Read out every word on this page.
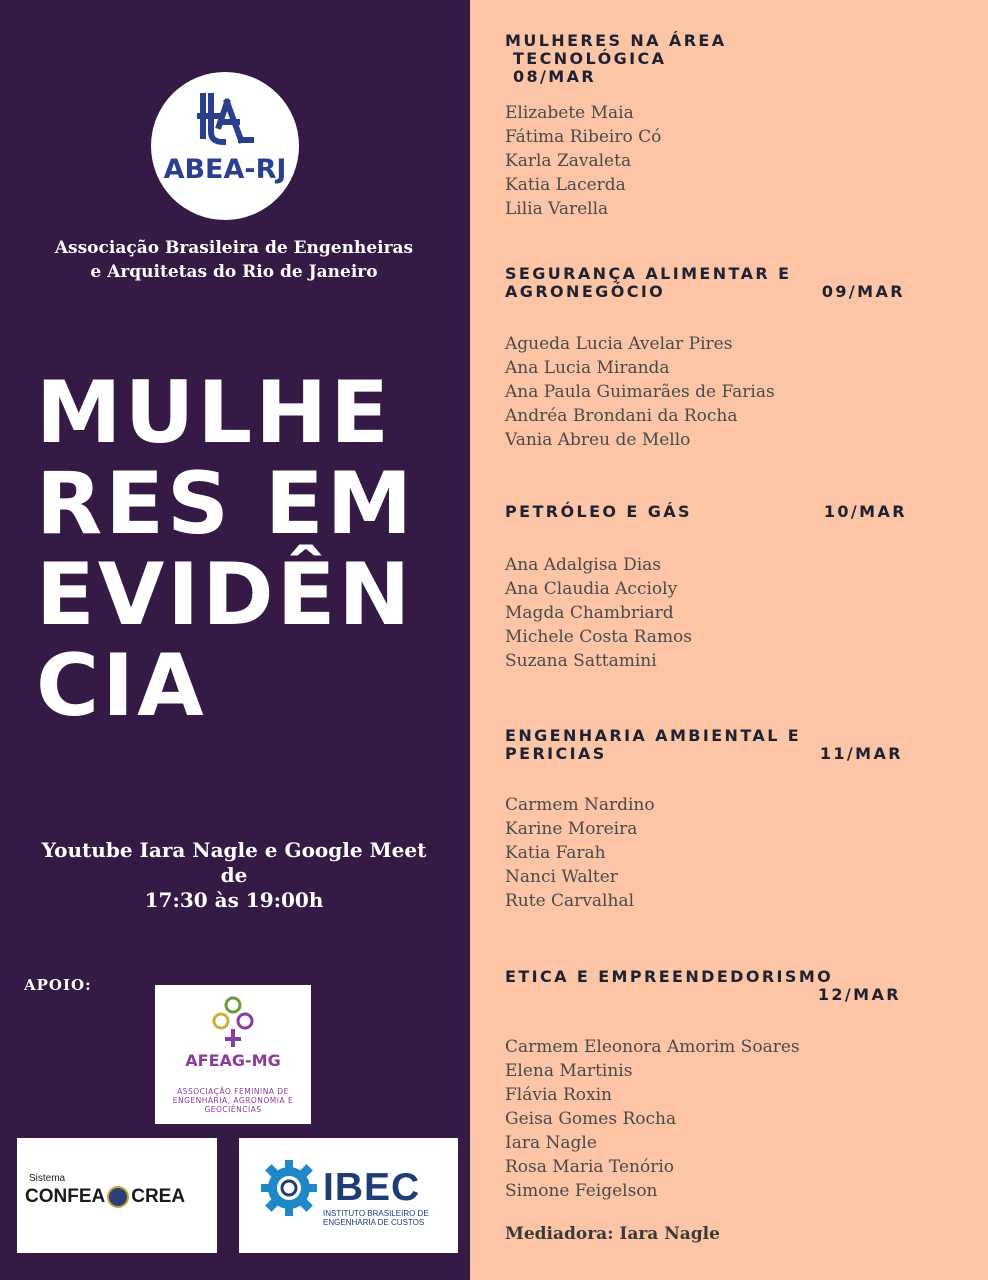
ABEA-RJ
Associação Brasileira de Engenheiras
e Arquitetas do Rio de Janeiro
MULHE
RES EM
EVIDÊN
CIA
Youtube Iara Nagle e Google Meet
de
17:30 às 19:00h
APOIO:
AFEAG-MG
ASSOCIAÇÃO FEMININA DE
ENGENHARIA, AGRONOMIA E
GEOCIÊNCIAS
Sistema
CONFEA CREA	IBEC
INSTITUTO BRASILEIRO DE
ENGENHARIA DE CUSTOS
MULHERES NA ÁREA
TECNOLÓGICA
08/MAR
Elizabete Maia
Fátima Ribeiro Có
Karla Zavaleta
Katia Lacerda
Lilia Varella
SEGURANÇA ALIMENTAR E
AGRONEGÓCIO	09/MAR
Agueda Lucia Avelar Pires
Ana Lucia Miranda
Ana Paula Guimarães de Farias
Andréa Brondani da Rocha
Vania Abreu de Mello
PETRÓLEO E GÁS	10/MAR
Ana Adalgisa Dias
Ana Claudia Accioly
Magda Chambriard
Michele Costa Ramos
Suzana Sattamini
ENGENHARIA AMBIENTAL E
PERICIAS	11/MAR
Carmem Nardino
Karine Moreira
Katia Farah
Nanci Walter
Rute Carvalhal
ETICA E EMPREENDEDORISMO
12/MAR
Carmem Eleonora Amorim Soares
Elena Martinis
Flávia Roxin
Geisa Gomes Rocha
Iara Nagle
Rosa Maria Tenório
Simone Feigelson
Mediadora: Iara Nagle
